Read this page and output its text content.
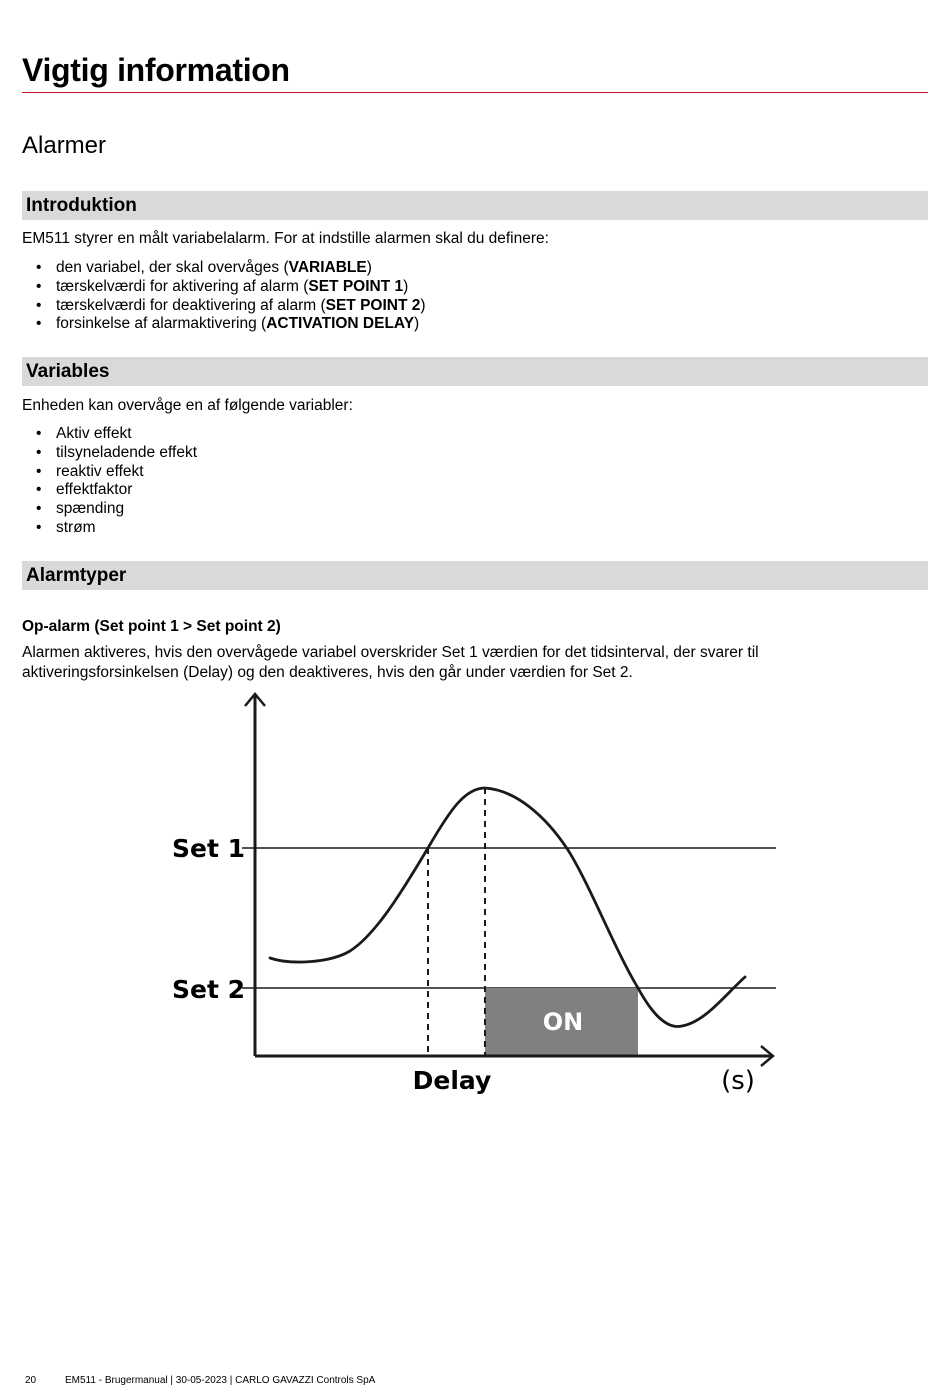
Vigtig information
Alarmer
Introduktion

EM511 styrer en målt variabelalarm. For at indstille alarmen skal du definere:

• den variabel, der skal overvåges (VARIABLE)
• tærskelværdi for aktivering af alarm (SET POINT 1)
• tærskelværdi for deaktivering af alarm (SET POINT 2)
• forsinkelse af alarmaktivering (ACTIVATION DELAY)
Variables

Enheden kan overvåge en af følgende variabler:

• Aktiv effekt
• tilsyneladende effekt
• reaktiv effekt
• effektfaktor
• spænding
• strøm
Alarmtyper

Op-alarm (Set point 1 > Set point 2)

Alarmen aktiveres, hvis den overvågede variabel overskrider Set 1 værdien for det tidsinterval, der svarer til

aktiveringsforsinkelsen (Delay) og den deaktiveres, hvis den går under værdien for Set 2.

ON
Set 1
Set 2
Delay	(s)
20	EM511 - Brugermanual | 30-05-2023 | CARLO GAVAZZI Controls SpA
